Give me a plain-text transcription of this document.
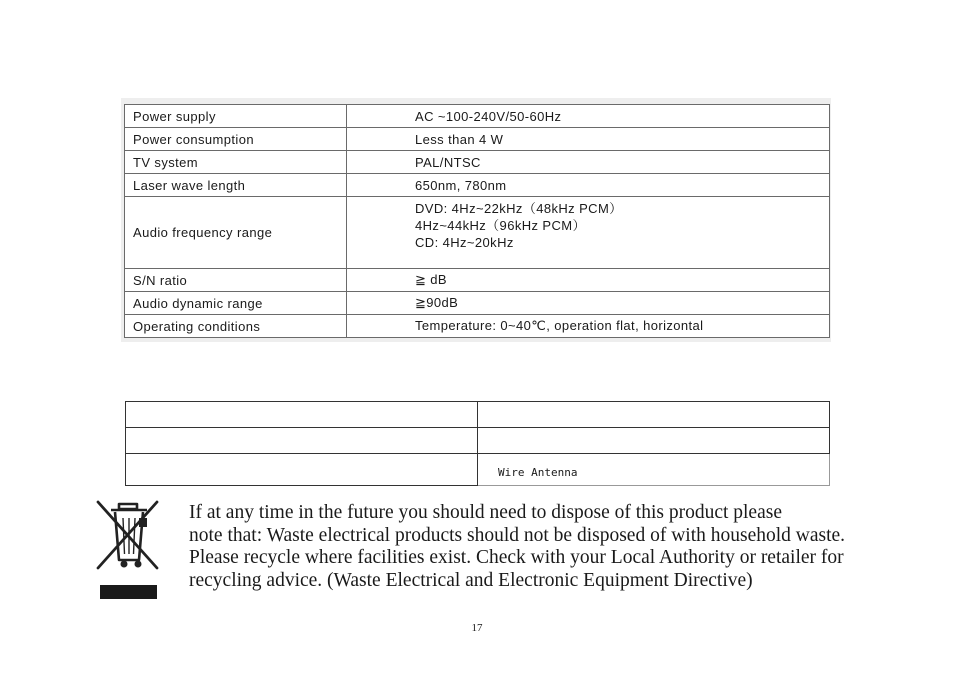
Power supply	AC ~100-240V/50-60Hz
Power consumption	Less than 4 W
TV system	PAL/NTSC
Laser wave length	650nm, 780nm
Audio frequency range	DVD: 4Hz~22kHz（48kHz PCM）
4Hz~44kHz（96kHz PCM）
CD: 4Hz~20kHz

S/N ratio	≧ dB
Audio dynamic range	≧90dB
Operating conditions	Temperature: 0~40℃, operation flat, horizontal

	Wire Antenna
If at any time in the future you should need to dispose of this product please
note that: Waste electrical products should not be disposed of with household waste.
Please recycle where facilities exist. Check with your Local Authority or retailer for
recycling advice. (Waste Electrical and Electronic Equipment Directive)
17
